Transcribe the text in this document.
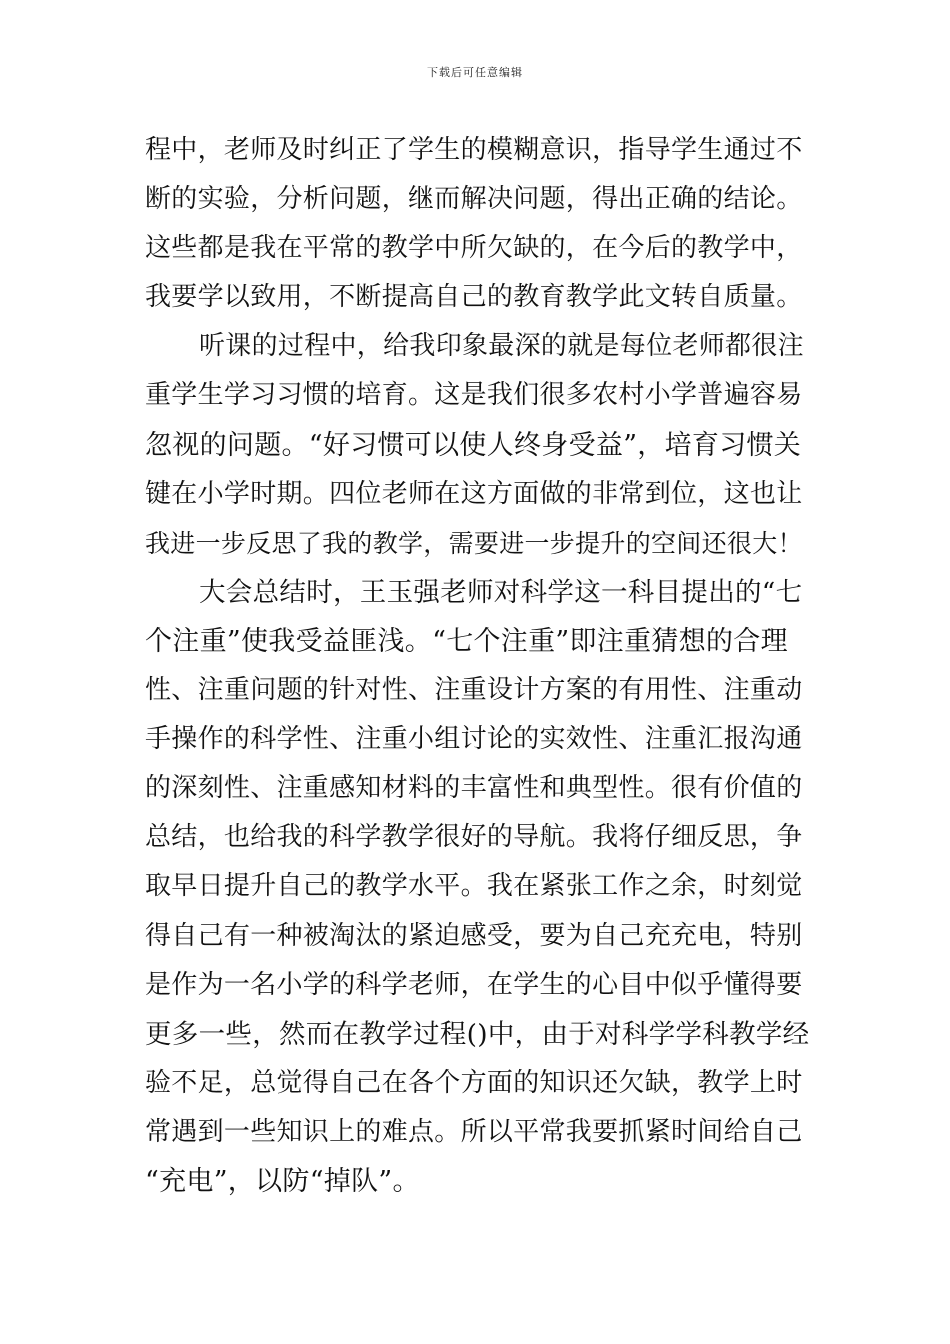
下载后可任意编辑
程中，老师及时纠正了学生的模糊意识，指导学生通过不
断的实验，分析问题，继而解决问题，得出正确的结论。
这些都是我在平常的教学中所欠缺的，在今后的教学中，
我要学以致用，不断提高自己的教育教学此文转自质量。
听课的过程中，给我印象最深的就是每位老师都很注
重学生学习习惯的培育。这是我们很多农村小学普遍容易
忽视的问题。“好习惯可以使人终身受益”，培育习惯关
键在小学时期。四位老师在这方面做的非常到位，这也让
我进一步反思了我的教学，需要进一步提升的空间还很大！
大会总结时，王玉强老师对科学这一科目提出的“七
个注重”使我受益匪浅。“七个注重”即注重猜想的合理
性、注重问题的针对性、注重设计方案的有用性、注重动
手操作的科学性、注重小组讨论的实效性、注重汇报沟通
的深刻性、注重感知材料的丰富性和典型性。很有价值的
总结，也给我的科学教学很好的导航。我将仔细反思，争
取早日提升自己的教学水平。我在紧张工作之余，时刻觉
得自己有一种被淘汰的紧迫感受，要为自己充充电，特别
是作为一名小学的科学老师，在学生的心目中似乎懂得要
更多一些，然而在教学过程()中，由于对科学学科教学经
验不足，总觉得自己在各个方面的知识还欠缺，教学上时
常遇到一些知识上的难点。所以平常我要抓紧时间给自己
“充电”，以防“掉队”。
